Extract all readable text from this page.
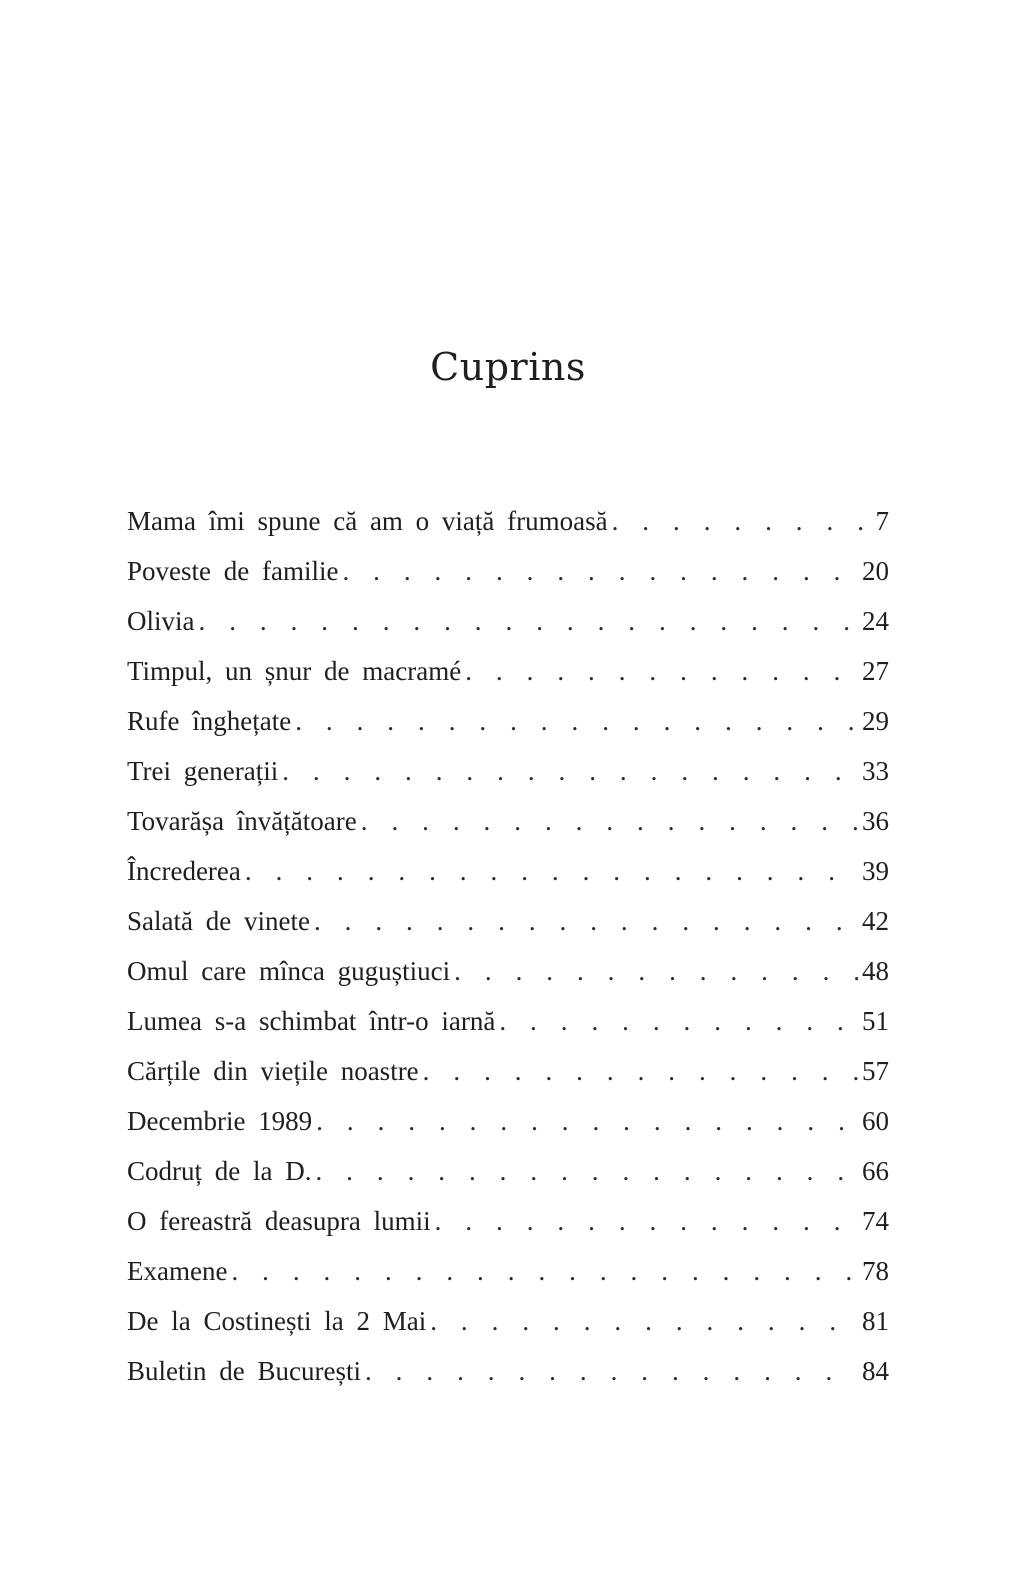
Cuprins
Mama îmi spune că am o viață frumoasă . . .	7
Poveste de familie . . .	20
Olivia . . .	24
Timpul, un șnur de macramé . . .	27
Rufe înghețate . . .	29
Trei generații . . .	33
Tovarășa învățătoare . . .	36
Încrederea . . .	39
Salată de vinete . . .	42
Omul care mînca guguștiuci . . .	48
Lumea s-a schimbat într-o iarnă . . .	51
Cărțile din viețile noastre . . .	57
Decembrie 1989 . . .	60
Codruț de la D. . . .	66
O fereastră deasupra lumii . . .	74
Examene . . .	78
De la Costinești la 2 Mai . . .	81
Buletin de București . . .	84
